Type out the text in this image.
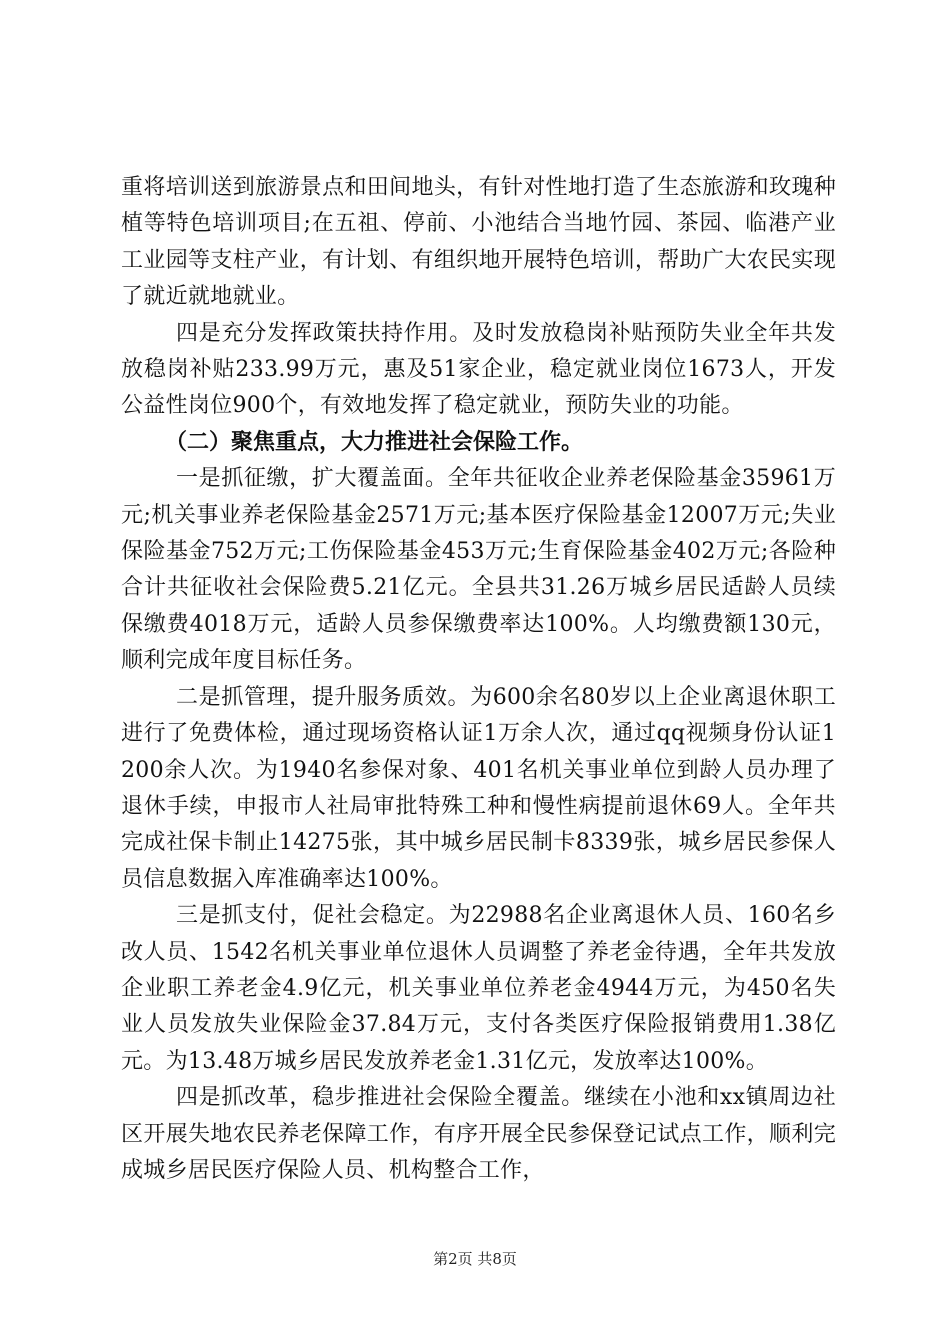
重将培训送到旅游景点和田间地头，有针对性地打造了生态旅游和玫瑰种植等特色培训项目;在五祖、停前、小池结合当地竹园、茶园、临港产业工业园等支柱产业，有计划、有组织地开展特色培训，帮助广大农民实现了就近就地就业。

四是充分发挥政策扶持作用。及时发放稳岗补贴预防失业全年共发放稳岗补贴233.99万元，惠及51家企业，稳定就业岗位1673人，开发公益性岗位900个，有效地发挥了稳定就业，预防失业的功能。

（二）聚焦重点，大力推进社会保险工作。

一是抓征缴，扩大覆盖面。全年共征收企业养老保险基金35961万元;机关事业养老保险基金2571万元;基本医疗保险基金12007万元;失业保险基金752万元;工伤保险基金453万元;生育保险基金402万元;各险种合计共征收社会保险费5.21亿元。全县共31.26万城乡居民适龄人员续保缴费4018万元，适龄人员参保缴费率达100%。人均缴费额130元，顺利完成年度目标任务。

二是抓管理，提升服务质效。为600余名80岁以上企业离退休职工进行了免费体检，通过现场资格认证1万余人次，通过qq视频身份认证1200余人次。为1940名参保对象、401名机关事业单位到龄人员办理了退休手续，申报市人社局审批特殊工种和慢性病提前退休69人。全年共完成社保卡制止14275张，其中城乡居民制卡8339张，城乡居民参保人员信息数据入库准确率达100%。

三是抓支付，促社会稳定。为22988名企业离退休人员、160名乡改人员、1542名机关事业单位退休人员调整了养老金待遇，全年共发放企业职工养老金4.9亿元，机关事业单位养老金4944万元，为450名失业人员发放失业保险金37.84万元，支付各类医疗保险报销费用1.38亿元。为13.48万城乡居民发放养老金1.31亿元，发放率达100%。

四是抓改革，稳步推进社会保险全覆盖。继续在小池和xx镇周边社区开展失地农民养老保障工作，有序开展全民参保登记试点工作，顺利完成城乡居民医疗保险人员、机构整合工作，

第2页 共8页
